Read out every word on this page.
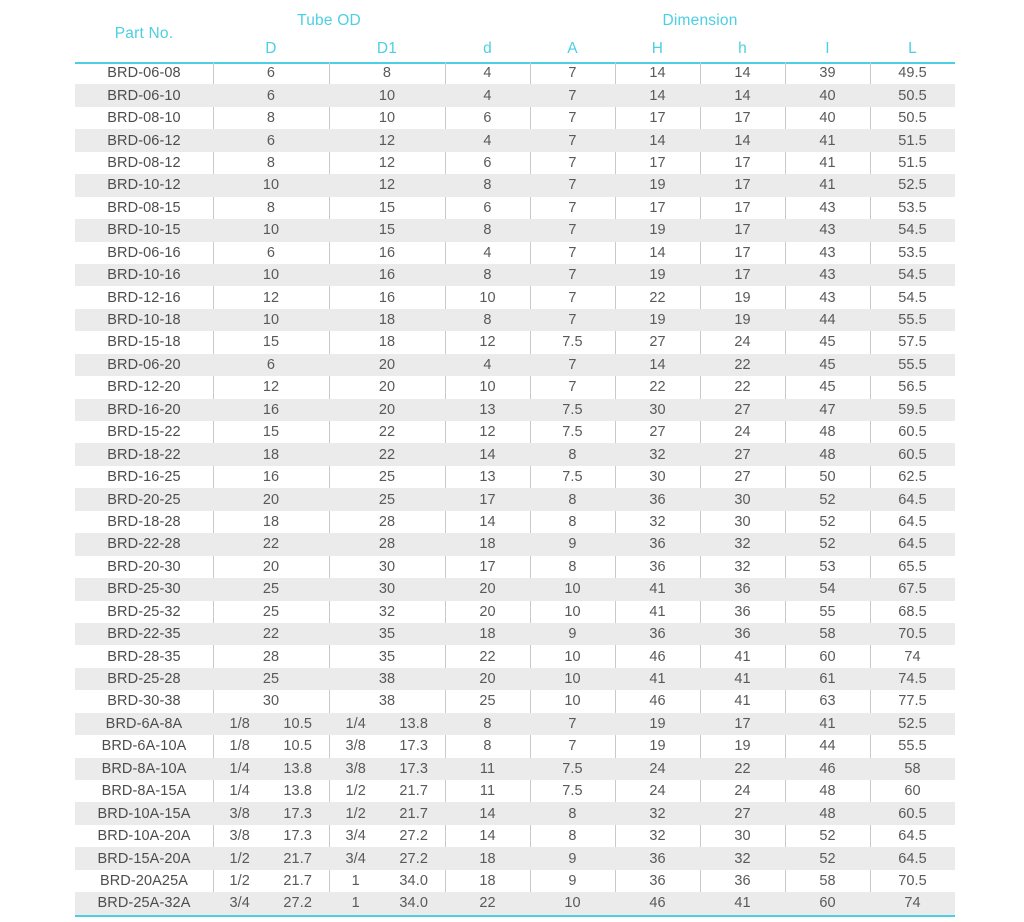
Part No.	Tube OD		Dimension					
	D	D1	d	A	H	h	I	L
BRD-06-08	6	8	4	7	14	14	39	49.5
BRD-06-10	6	10	4	7	14	14	40	50.5
BRD-08-10	8	10	6	7	17	17	40	50.5
BRD-06-12	6	12	4	7	14	14	41	51.5
BRD-08-12	8	12	6	7	17	17	41	51.5
BRD-10-12	10	12	8	7	19	17	41	52.5
BRD-08-15	8	15	6	7	17	17	43	53.5
BRD-10-15	10	15	8	7	19	17	43	54.5
BRD-06-16	6	16	4	7	14	17	43	53.5
BRD-10-16	10	16	8	7	19	17	43	54.5
BRD-12-16	12	16	10	7	22	19	43	54.5
BRD-10-18	10	18	8	7	19	19	44	55.5
BRD-15-18	15	18	12	7.5	27	24	45	57.5
BRD-06-20	6	20	4	7	14	22	45	55.5
BRD-12-20	12	20	10	7	22	22	45	56.5
BRD-16-20	16	20	13	7.5	30	27	47	59.5
BRD-15-22	15	22	12	7.5	27	24	48	60.5
BRD-18-22	18	22	14	8	32	27	48	60.5
BRD-16-25	16	25	13	7.5	30	27	50	62.5
BRD-20-25	20	25	17	8	36	30	52	64.5
BRD-18-28	18	28	14	8	32	30	52	64.5
BRD-22-28	22	28	18	9	36	32	52	64.5
BRD-20-30	20	30	17	8	36	32	53	65.5
BRD-25-30	25	30	20	10	41	36	54	67.5
BRD-25-32	25	32	20	10	41	36	55	68.5
BRD-22-35	22	35	18	9	36	36	58	70.5
BRD-28-35	28	35	22	10	46	41	60	74
BRD-25-28	25	38	20	10	41	41	61	74.5
BRD-30-38	30	38	25	10	46	41	63	77.5
BRD-6A-8A	1/8 10.5	1/4 13.8	8	7	19	17	41	52.5
BRD-6A-10A	1/8 10.5	3/8 17.3	8	7	19	19	44	55.5
BRD-8A-10A	1/4 13.8	3/8 17.3	11	7.5	24	22	46	58
BRD-8A-15A	1/4 13.8	1/2 21.7	11	7.5	24	24	48	60
BRD-10A-15A	3/8 17.3	1/2 21.7	14	8	32	27	48	60.5
BRD-10A-20A	3/8 17.3	3/4 27.2	14	8	32	30	52	64.5
BRD-15A-20A	1/2 21.7	3/4 27.2	18	9	36	32	52	64.5
BRD-20A25A	1/2 21.7	1 34.0	18	9	36	36	58	70.5
BRD-25A-32A	3/4 27.2	1 34.0	22	10	46	41	60	74
